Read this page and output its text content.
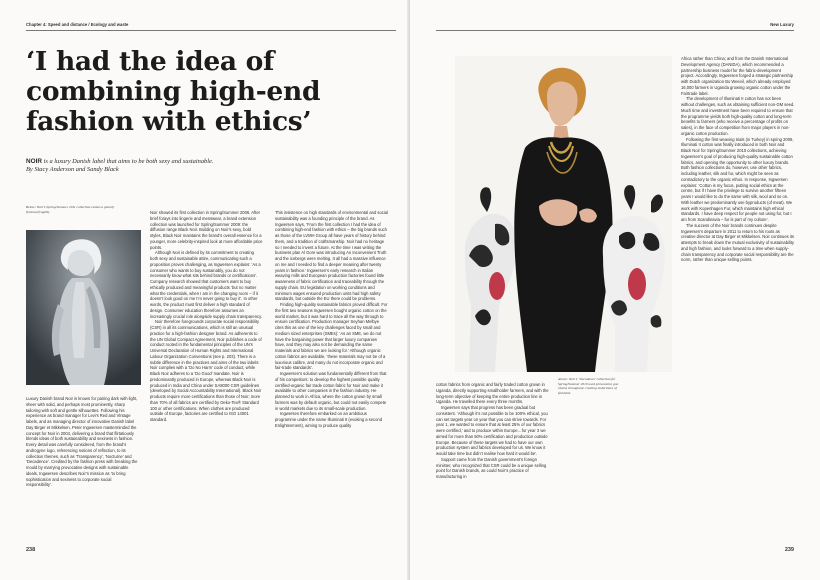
Chapter 4: Speed and distance / Ecology and waste
‘I had the idea of
combining high-end
fashion with ethics’
NOIR is a luxury Danish label that aims to be both sexy and sustainable.
By Stacy Anderson and Sandy Black
Below: Noir’s Spring/Summer 2011 collection evokes a ghostly fictional fragility

Luxury Danish brand Noir is known for pairing dark with light, sheer with solid, and perhaps most prominently, sharp tailoring with soft and gentle silhouettes. Following his experience as brand manager for Levi’s Red and Vintage labels, and as managing director of innovative Danish label Day Birger et Mikkelsen, Peter Ingwersen masterminded the concept for Noir in 2004, delivering a brand that flirtatiously blends ideas of both sustainability and sexiness in fashion. Every detail was carefully considered, from the brand’s androgyne logo, referencing notions of reflection, to its collection themes, such as ‘Transparency’, ‘Nocturne’ and ‘Decadence’. Credited by the fashion press with breaking the mould by marrying provocative designs with sustainable ideals, Ingwersen describes Noir’s mission as ‘to bring sophistication and sexiness to corporate social responsibility’.

Noir showed its first collection in Spring/Summer 2006. After brief forays into lingerie and menswear, a brand extension collection was launched for Spring/Summer 2009: the diffusion range Black Noir. Building on Noir’s sexy, bold styles, Black Noir maintains the brand’s overall essence for a younger, more celebrity-inspired look at more affordable price points.

Although Noir is defined by its commitment to creating both sexy and sustainable attire, communicating such a proposition proves challenging, as Ingwersen explains: ‘As a consumer who wants to buy sustainably, you do not necessarily know what sits behind brands or certifications’. Company research showed that customers want to buy ethically produced and meaningful products ‘but no matter what the credentials, when I am in the changing room – if it doesn’t look good on me I’m never going to buy it’. In other words, the product must first deliver a high standard of design. Consumer education therefore assumes an increasingly crucial role alongside supply chain transparency.

Noir therefore foregrounds corporate social responsibility (CSR) in all its communications, which is still an unusual practice for a high-fashion designer brand. As adherents to the UN Global Compact Agreement, Noir publishes a code of conduct rooted in the fundamental principles of the UN’s Universal Declaration of Human Rights and International Labour Organization Conventions (see p. 203). There is a subtle difference in the practices and aims of the two labels: Noir complies with a ‘Do No Harm’ code of conduct, while Black Noir adheres to a ‘Do Good’ mandate. Noir is predominantly produced in Europe, whereas Black Noir is produced in India and China under SA8000 CSR guidelines (developed by Social Accountability International). Black Noir products require more certifications than those of Noir; more than 70% of all fabrics are certified by Oeko-Tex® Standard 100 or other certifications. When clothes are produced outside of Europe, factories are certified to ISO 14001 standard.

This insistence on high standards of environmental and social sustainability was a founding principle of the brand. As Ingwersen says, ‘From the first collection I had the idea of combining high-end fashion with ethics – the big brands such as those of the LVMH Group all have years of history behind them, and a tradition of craftsmanship. Noir had no heritage so I needed to invent a future. At the time I was writing the business plan Al Gore was introducing An Inconvenient Truth and the icebergs were melting. It all had a massive influence on me and I needed to find a deeper meaning after twenty years in fashion.’ Ingwersen’s early research in Italian weaving mills and European production factories found little awareness of fabric certification and traceability through the supply chain. EU legislation on working conditions and minimum wages ensured production units had high safety standards, but outside the EU there could be problems.

Finding high-quality sustainable fabrics proved difficult. For the first two seasons Ingwersen bought organic cotton on the world market, but it was hard to trace all the way through to ensure certification. Production manager Seyhan Melbye cites this as one of the key challenges faced by small and medium sized enterprises (SMEs): ‘As an SME, we do not have the bargaining power that larger luxury companies have, and they may also not be demanding the same materials and fabrics we are looking for.’ Although organic cotton fabrics are available, ‘these materials may not be of a luxurious calibre, and many do not incorporate organic and fair-trade standards’.

Ingwersen’s solution was fundamentally different from that of his competitors: to develop the highest possible quality certified-organic fair trade cotton fabric for Noir and make it available to other companies in the fashion industry. He planned to work in Africa, where the cotton grown by small farmers was by default organic, but could not easily compete in world markets due to its small-scale production.

Ingwersen therefore embarked on an ambitious programme under the name Illuminati II (evoking a second Enlightenment), aiming to produce quality

238
New Luxury
Above: Noir’s ‘Decadence’ collection for Spring/Summer 2010 used provocative gun chains throughout, creating undertones of fetishism

cotton fabrics from organic and fairly traded cotton grown in Uganda, directly supporting smallholder farmers, and with the long-term objective of keeping the entire production line in Uganda. He travelled there every three months.

Ingwersen says that progress has been gradual but consistent. ‘Although it’s not possible to be 100% ethical, you can set targets year on year that you can strive towards. For year 1, we wanted to ensure that at least 25% of our fabrics were certified,’ and to produce within Europe…for year 3 we aimed for more than 50% certification and production outside Europe. Because of these targets we had to have our own production system and fabrics developed for us. We know it would take time but didn’t realise how hard it would be’.

Support came from the Danish government’s foreign minister, who recognized that CSR could be a unique selling point for Danish brands, as could Noir’s practice of manufacturing in

Africa rather than China; and from the Danish International Development Agency (DANIDA), which recommended a partnership business model for the fabric-development project. Accordingly, Ingwersen forged a strategic partnership with Dutch organization Bo Weevil, which already employed 16,000 farmers in Uganda growing organic cotton under the Fairtrade label.

The development of Illuminati II cotton has not been without challenges, such as obtaining sufficient non-GM seed. Much time and investment have been required to ensure that the programme yields both high-quality cotton and long-term benefits to farmers (who receive a percentage of profits on sales), in the face of competition from major players in non-organic cotton production.

Following the first weaving trials (in Turkey) in spring 2009, Illuminati II cotton was finally introduced in both Noir and Black Noir for Spring/Summer 2010 collections, achieving Ingwersen’s goal of producing high-quality sustainable cotton fabrics, and opening the opportunity to other luxury brands. Both fashion collections do, however, use other fabrics, including leather, silk and fur, which might be seen as contradictory to the organic ethos. In response, Ingwersen explains: ‘Cotton is my focus, putting social ethics at the centre, but if I have the privilege to survive another fifteen years I would like to do the same with silk, wool and so on. With leather we predominantly use byproducts (of meat). We work with Kopenhagen Fur, which maintains high ethical standards. I have deep respect for people not using fur, but I am from Scandinavia – fur is part of my culture’.

The success of the Noir brands continues despite Ingwersen’s departure in 2011 to return to his roots as creative director at Day Birger et Mikkelsen. Noir continues its attempts to break down the mutual exclusivity of sustainability and high fashion, and looks forward to a time when supply-chain transparency and corporate social responsibility are the norm, rather than unique selling points.

239
